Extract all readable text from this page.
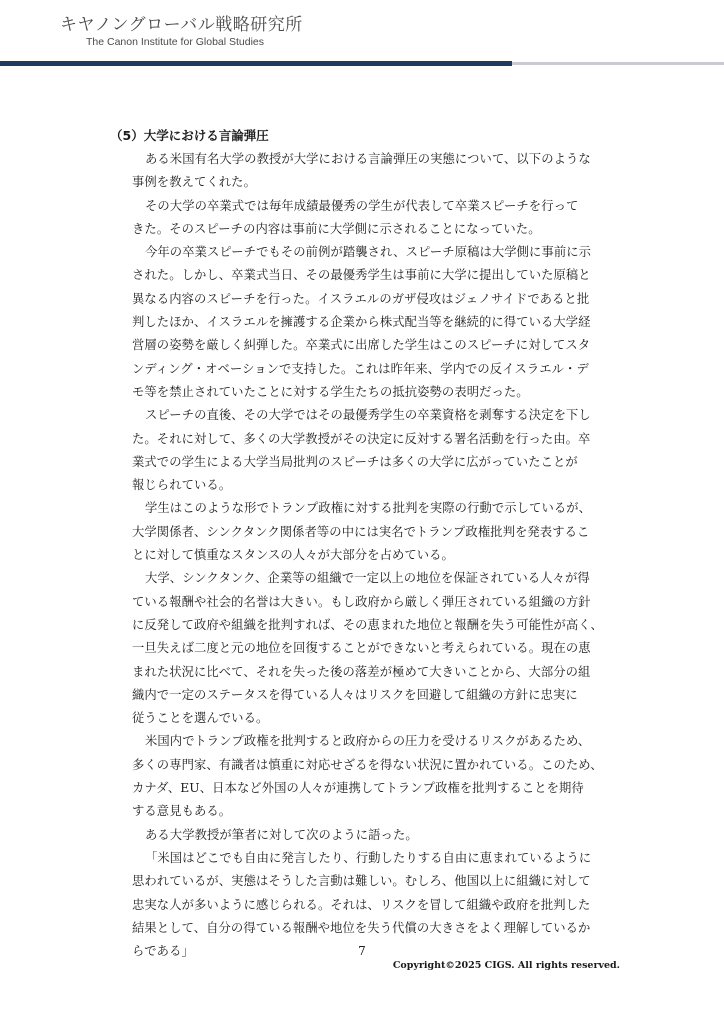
キヤノングローバル戦略研究所
The Canon Institute for Global Studies
（5）大学における言論弾圧

ある米国有名大学の教授が大学における言論弾圧の実態について、以下のような
事例を教えてくれた。

その大学の卒業式では毎年成績最優秀の学生が代表して卒業スピーチを行って
きた。そのスピーチの内容は事前に大学側に示されることになっていた。

今年の卒業スピーチでもその前例が踏襲され、スピーチ原稿は大学側に事前に示
された。しかし、卒業式当日、その最優秀学生は事前に大学に提出していた原稿と
異なる内容のスピーチを行った。イスラエルのガザ侵攻はジェノサイドであると批
判したほか、イスラエルを擁護する企業から株式配当等を継続的に得ている大学経
営層の姿勢を厳しく糾弾した。卒業式に出席した学生はこのスピーチに対してスタ
ンディング・オベーションで支持した。これは昨年来、学内での反イスラエル・デ
モ等を禁止されていたことに対する学生たちの抵抗姿勢の表明だった。

スピーチの直後、その大学ではその最優秀学生の卒業資格を剥奪する決定を下し
た。それに対して、多くの大学教授がその決定に反対する署名活動を行った由。卒
業式での学生による大学当局批判のスピーチは多くの大学に広がっていたことが
報じられている。

学生はこのような形でトランプ政権に対する批判を実際の行動で示しているが、
大学関係者、シンクタンク関係者等の中には実名でトランプ政権批判を発表するこ
とに対して慎重なスタンスの人々が大部分を占めている。

大学、シンクタンク、企業等の組織で一定以上の地位を保証されている人々が得
ている報酬や社会的名誉は大きい。もし政府から厳しく弾圧されている組織の方針
に反発して政府や組織を批判すれば、その恵まれた地位と報酬を失う可能性が高く、
一旦失えば二度と元の地位を回復することができないと考えられている。現在の恵
まれた状況に比べて、それを失った後の落差が極めて大きいことから、大部分の組
織内で一定のステータスを得ている人々はリスクを回避して組織の方針に忠実に
従うことを選んでいる。

米国内でトランプ政権を批判すると政府からの圧力を受けるリスクがあるため、
多くの専門家、有識者は慎重に対応せざるを得ない状況に置かれている。このため、
カナダ、EU、日本など外国の人々が連携してトランプ政権を批判することを期待
する意見もある。

ある大学教授が筆者に対して次のように語った。

「米国はどこでも自由に発言したり、行動したりする自由に恵まれているように
思われているが、実態はそうした言動は難しい。むしろ、他国以上に組織に対して
忠実な人が多いように感じられる。それは、リスクを冒して組織や政府を批判した
結果として、自分の得ている報酬や地位を失う代償の大きさをよく理解しているか
らである」	7
Copyright©2025 CIGS. All rights reserved.
